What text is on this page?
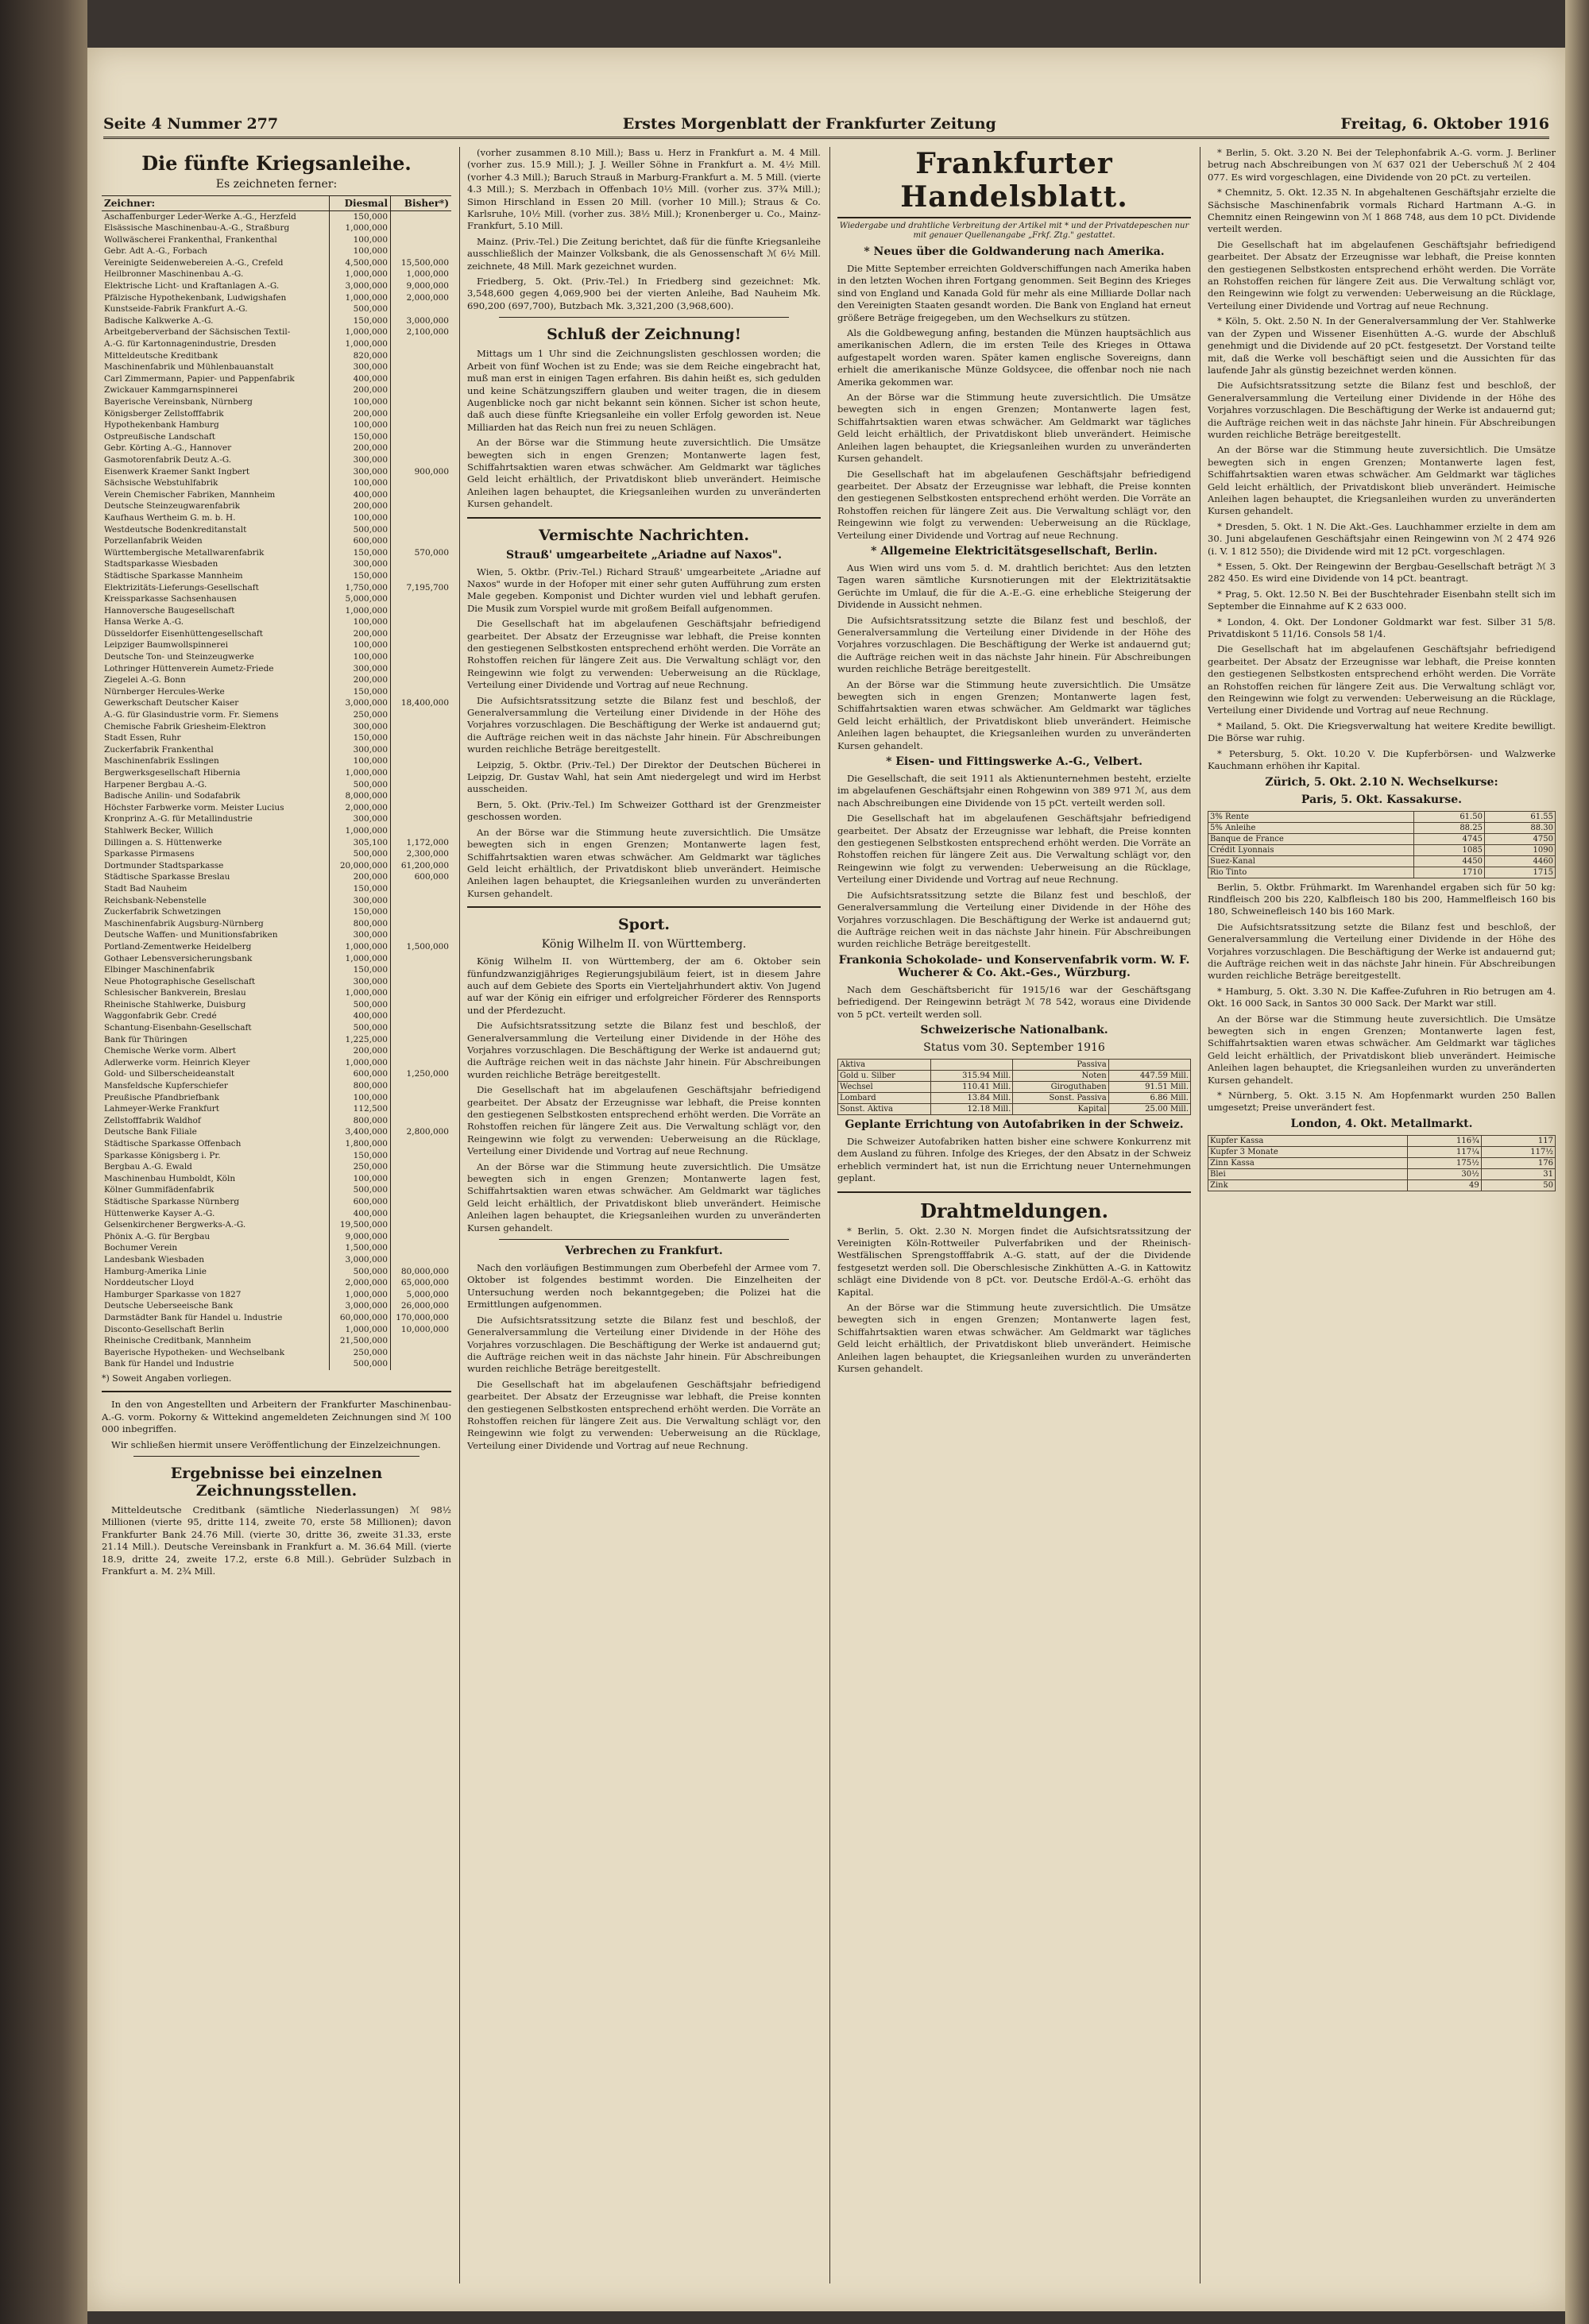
Seite 4 Nummer 277	Erstes Morgenblatt der Frankfurter Zeitung	Freitag, 6. Oktober 1916
Die fünfte Kriegsanleihe.
Es zeichneten ferner:
Zeichner:	Diesmal	Bisher*)
Aschaffenburger Leder-Werke A.-G., Herzfeld	150,000	
Elsässische Maschinenbau-A.-G., Straßburg	1,000,000	
Wollwäscherei Frankenthal, Frankenthal	100,000	
Gebr. Adt A.-G., Forbach	100,000	
Vereinigte Seidenwebereien A.-G., Crefeld	4,500,000	15,500,000
Heilbronner Maschinenbau A.-G.	1,000,000	1,000,000
Elektrische Licht- und Kraftanlagen A.-G.	3,000,000	9,000,000
Pfälzische Hypothekenbank, Ludwigshafen	1,000,000	2,000,000
Kunstseide-Fabrik Frankfurt A.-G.	500,000	
Badische Kalkwerke A.-G.	150,000	3,000,000
Arbeitgeberverband der Sächsischen Textil-	1,000,000	2,100,000
A.-G. für Kartonnagenindustrie, Dresden	1,000,000	
Mitteldeutsche Kreditbank	820,000	
Maschinenfabrik und Mühlenbauanstalt	300,000	
Carl Zimmermann, Papier- und Pappenfabrik	400,000	
Zwickauer Kammgarnspinnerei	200,000	
Bayerische Vereinsbank, Nürnberg	100,000	
Königsberger Zellstofffabrik	200,000	
Hypothekenbank Hamburg	100,000	
Ostpreußische Landschaft	150,000	
Gebr. Körting A.-G., Hannover	200,000	
Gasmotorenfabrik Deutz A.-G.	300,000	
Eisenwerk Kraemer Sankt Ingbert	300,000	900,000
Sächsische Webstuhlfabrik	100,000	
Verein Chemischer Fabriken, Mannheim	400,000	
Deutsche Steinzeugwarenfabrik	200,000	
Kaufhaus Wertheim G. m. b. H.	100,000	
Westdeutsche Bodenkreditanstalt	500,000	
Porzellanfabrik Weiden	600,000	
Württembergische Metallwarenfabrik	150,000	570,000
Stadtsparkasse Wiesbaden	300,000	
Städtische Sparkasse Mannheim	150,000	
Elektrizitäts-Lieferungs-Gesellschaft	1,750,000	7,195,700
Kreissparkasse Sachsenhausen	5,000,000	
Hannoversche Baugesellschaft	1,000,000	
Hansa Werke A.-G.	100,000	
Düsseldorfer Eisenhüttengesellschaft	200,000	
Leipziger Baumwollspinnerei	100,000	
Deutsche Ton- und Steinzeugwerke	100,000	
Lothringer Hüttenverein Aumetz-Friede	300,000	
Ziegelei A.-G. Bonn	200,000	
Nürnberger Hercules-Werke	150,000	
Gewerkschaft Deutscher Kaiser	3,000,000	18,400,000
A.-G. für Glasindustrie vorm. Fr. Siemens	250,000	
Chemische Fabrik Griesheim-Elektron	300,000	
Stadt Essen, Ruhr	150,000	
Zuckerfabrik Frankenthal	300,000	
Maschinenfabrik Esslingen	100,000	
Bergwerksgesellschaft Hibernia	1,000,000	
Harpener Bergbau A.-G.	500,000	
Badische Anilin- und Sodafabrik	8,000,000	
Höchster Farbwerke vorm. Meister Lucius	2,000,000	
Kronprinz A.-G. für Metallindustrie	300,000	
Stahlwerk Becker, Willich	1,000,000	
Dillingen a. S. Hüttenwerke	305,100	1,172,000
Sparkasse Pirmasens	500,000	2,300,000
Dortmunder Stadtsparkasse	20,000,000	61,200,000
Städtische Sparkasse Breslau	200,000	600,000
Stadt Bad Nauheim	150,000	
Reichsbank-Nebenstelle	300,000	
Zuckerfabrik Schwetzingen	150,000	
Maschinenfabrik Augsburg-Nürnberg	800,000	
Deutsche Waffen- und Munitionsfabriken	300,000	
Portland-Zementwerke Heidelberg	1,000,000	1,500,000
Gothaer Lebensversicherungsbank	1,000,000	
Elbinger Maschinenfabrik	150,000	
Neue Photographische Gesellschaft	300,000	
Schlesischer Bankverein, Breslau	1,000,000	
Rheinische Stahlwerke, Duisburg	500,000	
Waggonfabrik Gebr. Credé	400,000	
Schantung-Eisenbahn-Gesellschaft	500,000	
Bank für Thüringen	1,225,000	
Chemische Werke vorm. Albert	200,000	
Adlerwerke vorm. Heinrich Kleyer	1,000,000	
Gold- und Silberscheideanstalt	600,000	1,250,000
Mansfeldsche Kupferschiefer	800,000	
Preußische Pfandbriefbank	100,000	
Lahmeyer-Werke Frankfurt	112,500	
Zellstofffabrik Waldhof	800,000	
Deutsche Bank Filiale	3,400,000	2,800,000
Städtische Sparkasse Offenbach	1,800,000	
Sparkasse Königsberg i. Pr.	150,000	
Bergbau A.-G. Ewald	250,000	
Maschinenbau Humboldt, Köln	100,000	
Kölner Gummifädenfabrik	500,000	
Städtische Sparkasse Nürnberg	600,000	
Hüttenwerke Kayser A.-G.	400,000	
Gelsenkirchener Bergwerks-A.-G.	19,500,000	
Phönix A.-G. für Bergbau	9,000,000	
Bochumer Verein	1,500,000	
Landesbank Wiesbaden	3,000,000	
Hamburg-Amerika Linie	500,000	80,000,000
Norddeutscher Lloyd	2,000,000	65,000,000
Hamburger Sparkasse von 1827	1,000,000	5,000,000
Deutsche Ueberseeische Bank	3,000,000	26,000,000
Darmstädter Bank für Handel u. Industrie	60,000,000	170,000,000
Disconto-Gesellschaft Berlin	1,000,000	10,000,000
Rheinische Creditbank, Mannheim	21,500,000	
Bayerische Hypotheken- und Wechselbank	250,000	
Bank für Handel und Industrie	500,000	
*) Soweit Angaben vorliegen.

In den von Angestellten und Arbeitern der Frankfurter Maschinenbau-A.-G. vorm. Pokorny & Wittekind angemeldeten Zeichnungen sind ℳ 100 000 inbegriffen.

Wir schließen hiermit unsere Veröffentlichung der Einzelzeichnungen.

Ergebnisse bei einzelnen Zeichnungsstellen.

Mitteldeutsche Creditbank (sämtliche Niederlassungen) ℳ 98½ Millionen (vierte 95, dritte 114, zweite 70, erste 58 Millionen); davon Frankfurter Bank 24.76 Mill. (vierte 30, dritte 36, zweite 31.33, erste 21.14 Mill.). Deutsche Vereinsbank in Frankfurt a. M. 36.64 Mill. (vierte 18.9, dritte 24, zweite 17.2, erste 6.8 Mill.). Gebrüder Sulzbach in Frankfurt a. M. 2¾ Mill.

(vorher zusammen 8.10 Mill.); Bass u. Herz in Frankfurt a. M. 4 Mill. (vorher zus. 15.9 Mill.); J. J. Weiller Söhne in Frankfurt a. M. 4½ Mill. (vorher 4.3 Mill.); Baruch Strauß in Marburg-Frankfurt a. M. 5 Mill. (vierte 4.3 Mill.); S. Merzbach in Offenbach 10½ Mill. (vorher zus. 37¾ Mill.); Simon Hirschland in Essen 20 Mill. (vorher 10 Mill.); Straus & Co. Karlsruhe, 10½ Mill. (vorher zus. 38½ Mill.); Kronenberger u. Co., Mainz-Frankfurt, 5.10 Mill.

Mainz. (Priv.-Tel.) Die Zeitung berichtet, daß für die fünfte Kriegsanleihe ausschließlich der Mainzer Volksbank, die als Genossenschaft ℳ 6½ Mill. zeichnete, 48 Mill. Mark gezeichnet wurden.

Friedberg, 5. Okt. (Priv.-Tel.) In Friedberg sind gezeichnet: Mk. 3,548,600 gegen 4,069,900 bei der vierten Anleihe, Bad Nauheim Mk. 690,200 (697,700), Butzbach Mk. 3,321,200 (3,968,600).

Schluß der Zeichnung!

Mittags um 1 Uhr sind die Zeichnungslisten geschlossen worden; die Arbeit von fünf Wochen ist zu Ende; was sie dem Reiche eingebracht hat, muß man erst in einigen Tagen erfahren. Bis dahin heißt es, sich gedulden und keine Schätzungsziffern glauben und weiter tragen, die in diesem Augenblicke noch gar nicht bekannt sein können. Sicher ist schon heute, daß auch diese fünfte Kriegsanleihe ein voller Erfolg geworden ist. Neue Milliarden hat das Reich nun frei zu neuen Schlägen.

An der Börse war die Stimmung heute zuversichtlich. Die Umsätze bewegten sich in engen Grenzen; Montanwerte lagen fest, Schiffahrtsaktien waren etwas schwächer. Am Geldmarkt war tägliches Geld leicht erhältlich, der Privatdiskont blieb unverändert. Heimische Anleihen lagen behauptet, die Kriegsanleihen wurden zu unveränderten Kursen gehandelt.

Vermischte Nachrichten.
Strauß' umgearbeitete „Ariadne auf Naxos".

Wien, 5. Oktbr. (Priv.-Tel.) Richard Strauß' umgearbeitete „Ariadne auf Naxos" wurde in der Hofoper mit einer sehr guten Aufführung zum ersten Male gegeben. Komponist und Dichter wurden viel und lebhaft gerufen. Die Musik zum Vorspiel wurde mit großem Beifall aufgenommen.

Die Gesellschaft hat im abgelaufenen Geschäftsjahr befriedigend gearbeitet. Der Absatz der Erzeugnisse war lebhaft, die Preise konnten den gestiegenen Selbstkosten entsprechend erhöht werden. Die Vorräte an Rohstoffen reichen für längere Zeit aus. Die Verwaltung schlägt vor, den Reingewinn wie folgt zu verwenden: Ueberweisung an die Rücklage, Verteilung einer Dividende und Vortrag auf neue Rechnung.

Die Aufsichtsratssitzung setzte die Bilanz fest und beschloß, der Generalversammlung die Verteilung einer Dividende in der Höhe des Vorjahres vorzuschlagen. Die Beschäftigung der Werke ist andauernd gut; die Aufträge reichen weit in das nächste Jahr hinein. Für Abschreibungen wurden reichliche Beträge bereitgestellt.

Leipzig, 5. Oktbr. (Priv.-Tel.) Der Direktor der Deutschen Bücherei in Leipzig, Dr. Gustav Wahl, hat sein Amt niedergelegt und wird im Herbst ausscheiden.

Bern, 5. Okt. (Priv.-Tel.) Im Schweizer Gotthard ist der Grenzmeister geschossen worden.

An der Börse war die Stimmung heute zuversichtlich. Die Umsätze bewegten sich in engen Grenzen; Montanwerte lagen fest, Schiffahrtsaktien waren etwas schwächer. Am Geldmarkt war tägliches Geld leicht erhältlich, der Privatdiskont blieb unverändert. Heimische Anleihen lagen behauptet, die Kriegsanleihen wurden zu unveränderten Kursen gehandelt.

Sport.
König Wilhelm II. von Württemberg.

König Wilhelm II. von Württemberg, der am 6. Oktober sein fünfundzwanzigjähriges Regierungsjubiläum feiert, ist in diesem Jahre auch auf dem Gebiete des Sports ein Vierteljahrhundert aktiv. Von Jugend auf war der König ein eifriger und erfolgreicher Förderer des Rennsports und der Pferdezucht.

Die Aufsichtsratssitzung setzte die Bilanz fest und beschloß, der Generalversammlung die Verteilung einer Dividende in der Höhe des Vorjahres vorzuschlagen. Die Beschäftigung der Werke ist andauernd gut; die Aufträge reichen weit in das nächste Jahr hinein. Für Abschreibungen wurden reichliche Beträge bereitgestellt.

Die Gesellschaft hat im abgelaufenen Geschäftsjahr befriedigend gearbeitet. Der Absatz der Erzeugnisse war lebhaft, die Preise konnten den gestiegenen Selbstkosten entsprechend erhöht werden. Die Vorräte an Rohstoffen reichen für längere Zeit aus. Die Verwaltung schlägt vor, den Reingewinn wie folgt zu verwenden: Ueberweisung an die Rücklage, Verteilung einer Dividende und Vortrag auf neue Rechnung.

An der Börse war die Stimmung heute zuversichtlich. Die Umsätze bewegten sich in engen Grenzen; Montanwerte lagen fest, Schiffahrtsaktien waren etwas schwächer. Am Geldmarkt war tägliches Geld leicht erhältlich, der Privatdiskont blieb unverändert. Heimische Anleihen lagen behauptet, die Kriegsanleihen wurden zu unveränderten Kursen gehandelt.

Verbrechen zu Frankfurt.

Nach den vorläufigen Bestimmungen zum Oberbefehl der Armee vom 7. Oktober ist folgendes bestimmt worden. Die Einzelheiten der Untersuchung werden noch bekanntgegeben; die Polizei hat die Ermittlungen aufgenommen.

Die Aufsichtsratssitzung setzte die Bilanz fest und beschloß, der Generalversammlung die Verteilung einer Dividende in der Höhe des Vorjahres vorzuschlagen. Die Beschäftigung der Werke ist andauernd gut; die Aufträge reichen weit in das nächste Jahr hinein. Für Abschreibungen wurden reichliche Beträge bereitgestellt.

Die Gesellschaft hat im abgelaufenen Geschäftsjahr befriedigend gearbeitet. Der Absatz der Erzeugnisse war lebhaft, die Preise konnten den gestiegenen Selbstkosten entsprechend erhöht werden. Die Vorräte an Rohstoffen reichen für längere Zeit aus. Die Verwaltung schlägt vor, den Reingewinn wie folgt zu verwenden: Ueberweisung an die Rücklage, Verteilung einer Dividende und Vortrag auf neue Rechnung.

Frankfurter Handelsblatt.
Wiedergabe und drahtliche Verbreitung der Artikel mit * und der Privatdepeschen nur mit genauer Quellenangabe „Frkf. Ztg." gestattet.
* Neues über die Goldwanderung nach Amerika.

Die Mitte September erreichten Goldverschiffungen nach Amerika haben in den letzten Wochen ihren Fortgang genommen. Seit Beginn des Krieges sind von England und Kanada Gold für mehr als eine Milliarde Dollar nach den Vereinigten Staaten gesandt worden. Die Bank von England hat erneut größere Beträge freigegeben, um den Wechselkurs zu stützen.

Als die Goldbewegung anfing, bestanden die Münzen hauptsächlich aus amerikanischen Adlern, die im ersten Teile des Krieges in Ottawa aufgestapelt worden waren. Später kamen englische Sovereigns, dann erhielt die amerikanische Münze Goldsycee, die offenbar noch nie nach Amerika gekommen war.

An der Börse war die Stimmung heute zuversichtlich. Die Umsätze bewegten sich in engen Grenzen; Montanwerte lagen fest, Schiffahrtsaktien waren etwas schwächer. Am Geldmarkt war tägliches Geld leicht erhältlich, der Privatdiskont blieb unverändert. Heimische Anleihen lagen behauptet, die Kriegsanleihen wurden zu unveränderten Kursen gehandelt.

Die Gesellschaft hat im abgelaufenen Geschäftsjahr befriedigend gearbeitet. Der Absatz der Erzeugnisse war lebhaft, die Preise konnten den gestiegenen Selbstkosten entsprechend erhöht werden. Die Vorräte an Rohstoffen reichen für längere Zeit aus. Die Verwaltung schlägt vor, den Reingewinn wie folgt zu verwenden: Ueberweisung an die Rücklage, Verteilung einer Dividende und Vortrag auf neue Rechnung.

* Allgemeine Elektricitätsgesellschaft, Berlin.

Aus Wien wird uns vom 5. d. M. drahtlich berichtet: Aus den letzten Tagen waren sämtliche Kursnotierungen mit der Elektrizitätsaktie Gerüchte im Umlauf, die für die A.-E.-G. eine erhebliche Steigerung der Dividende in Aussicht nehmen.

Die Aufsichtsratssitzung setzte die Bilanz fest und beschloß, der Generalversammlung die Verteilung einer Dividende in der Höhe des Vorjahres vorzuschlagen. Die Beschäftigung der Werke ist andauernd gut; die Aufträge reichen weit in das nächste Jahr hinein. Für Abschreibungen wurden reichliche Beträge bereitgestellt.

An der Börse war die Stimmung heute zuversichtlich. Die Umsätze bewegten sich in engen Grenzen; Montanwerte lagen fest, Schiffahrtsaktien waren etwas schwächer. Am Geldmarkt war tägliches Geld leicht erhältlich, der Privatdiskont blieb unverändert. Heimische Anleihen lagen behauptet, die Kriegsanleihen wurden zu unveränderten Kursen gehandelt.

* Eisen- und Fittingswerke A.-G., Velbert.

Die Gesellschaft, die seit 1911 als Aktienunternehmen besteht, erzielte im abgelaufenen Geschäftsjahr einen Rohgewinn von 389 971 ℳ, aus dem nach Abschreibungen eine Dividende von 15 pCt. verteilt werden soll.

Die Gesellschaft hat im abgelaufenen Geschäftsjahr befriedigend gearbeitet. Der Absatz der Erzeugnisse war lebhaft, die Preise konnten den gestiegenen Selbstkosten entsprechend erhöht werden. Die Vorräte an Rohstoffen reichen für längere Zeit aus. Die Verwaltung schlägt vor, den Reingewinn wie folgt zu verwenden: Ueberweisung an die Rücklage, Verteilung einer Dividende und Vortrag auf neue Rechnung.

Die Aufsichtsratssitzung setzte die Bilanz fest und beschloß, der Generalversammlung die Verteilung einer Dividende in der Höhe des Vorjahres vorzuschlagen. Die Beschäftigung der Werke ist andauernd gut; die Aufträge reichen weit in das nächste Jahr hinein. Für Abschreibungen wurden reichliche Beträge bereitgestellt.

Frankonia Schokolade- und Konservenfabrik vorm. W. F. Wucherer & Co. Akt.-Ges., Würzburg.

Nach dem Geschäftsbericht für 1915/16 war der Geschäftsgang befriedigend. Der Reingewinn beträgt ℳ 78 542, woraus eine Dividende von 5 pCt. verteilt werden soll.

Schweizerische Nationalbank.
Status vom 30. September 1916
Aktiva		Passiva	
Gold u. Silber	315.94 Mill.	Noten	447.59 Mill.
Wechsel	110.41 Mill.	Giroguthaben	91.51 Mill.
Lombard	13.84 Mill.	Sonst. Passiva	6.86 Mill.
Sonst. Aktiva	12.18 Mill.	Kapital	25.00 Mill.
Geplante Errichtung von Autofabriken in der Schweiz.

Die Schweizer Autofabriken hatten bisher eine schwere Konkurrenz mit dem Ausland zu führen. Infolge des Krieges, der den Absatz in der Schweiz erheblich vermindert hat, ist nun die Errichtung neuer Unternehmungen geplant.

Drahtmeldungen.

* Berlin, 5. Okt. 2.30 N. Morgen findet die Aufsichtsratssitzung der Vereinigten Köln-Rottweiler Pulverfabriken und der Rheinisch-Westfälischen Sprengstofffabrik A.-G. statt, auf der die Dividende festgesetzt werden soll. Die Oberschlesische Zinkhütten A.-G. in Kattowitz schlägt eine Dividende von 8 pCt. vor. Deutsche Erdöl-A.-G. erhöht das Kapital.

An der Börse war die Stimmung heute zuversichtlich. Die Umsätze bewegten sich in engen Grenzen; Montanwerte lagen fest, Schiffahrtsaktien waren etwas schwächer. Am Geldmarkt war tägliches Geld leicht erhältlich, der Privatdiskont blieb unverändert. Heimische Anleihen lagen behauptet, die Kriegsanleihen wurden zu unveränderten Kursen gehandelt.

* Berlin, 5. Okt. 3.20 N. Bei der Telephonfabrik A.-G. vorm. J. Berliner betrug nach Abschreibungen von ℳ 637 021 der Ueberschuß ℳ 2 404 077. Es wird vorgeschlagen, eine Dividende von 20 pCt. zu verteilen.

* Chemnitz, 5. Okt. 12.35 N. In abgehaltenen Geschäftsjahr erzielte die Sächsische Maschinenfabrik vormals Richard Hartmann A.-G. in Chemnitz einen Reingewinn von ℳ 1 868 748, aus dem 10 pCt. Dividende verteilt werden.

Die Gesellschaft hat im abgelaufenen Geschäftsjahr befriedigend gearbeitet. Der Absatz der Erzeugnisse war lebhaft, die Preise konnten den gestiegenen Selbstkosten entsprechend erhöht werden. Die Vorräte an Rohstoffen reichen für längere Zeit aus. Die Verwaltung schlägt vor, den Reingewinn wie folgt zu verwenden: Ueberweisung an die Rücklage, Verteilung einer Dividende und Vortrag auf neue Rechnung.

* Köln, 5. Okt. 2.50 N. In der Generalversammlung der Ver. Stahlwerke van der Zypen und Wissener Eisenhütten A.-G. wurde der Abschluß genehmigt und die Dividende auf 20 pCt. festgesetzt. Der Vorstand teilte mit, daß die Werke voll beschäftigt seien und die Aussichten für das laufende Jahr als günstig bezeichnet werden können.

Die Aufsichtsratssitzung setzte die Bilanz fest und beschloß, der Generalversammlung die Verteilung einer Dividende in der Höhe des Vorjahres vorzuschlagen. Die Beschäftigung der Werke ist andauernd gut; die Aufträge reichen weit in das nächste Jahr hinein. Für Abschreibungen wurden reichliche Beträge bereitgestellt.

An der Börse war die Stimmung heute zuversichtlich. Die Umsätze bewegten sich in engen Grenzen; Montanwerte lagen fest, Schiffahrtsaktien waren etwas schwächer. Am Geldmarkt war tägliches Geld leicht erhältlich, der Privatdiskont blieb unverändert. Heimische Anleihen lagen behauptet, die Kriegsanleihen wurden zu unveränderten Kursen gehandelt.

* Dresden, 5. Okt. 1 N. Die Akt.-Ges. Lauchhammer erzielte in dem am 30. Juni abgelaufenen Geschäftsjahr einen Reingewinn von ℳ 2 474 926 (i. V. 1 812 550); die Dividende wird mit 12 pCt. vorgeschlagen.

* Essen, 5. Okt. Der Reingewinn der Bergbau-Gesellschaft beträgt ℳ 3 282 450. Es wird eine Dividende von 14 pCt. beantragt.

* Prag, 5. Okt. 12.50 N. Bei der Buschtehrader Eisenbahn stellt sich im September die Einnahme auf K 2 633 000.

* London, 4. Okt. Der Londoner Goldmarkt war fest. Silber 31 5/8. Privatdiskont 5 11/16. Consols 58 1/4.

Die Gesellschaft hat im abgelaufenen Geschäftsjahr befriedigend gearbeitet. Der Absatz der Erzeugnisse war lebhaft, die Preise konnten den gestiegenen Selbstkosten entsprechend erhöht werden. Die Vorräte an Rohstoffen reichen für längere Zeit aus. Die Verwaltung schlägt vor, den Reingewinn wie folgt zu verwenden: Ueberweisung an die Rücklage, Verteilung einer Dividende und Vortrag auf neue Rechnung.

* Mailand, 5. Okt. Die Kriegsverwaltung hat weitere Kredite bewilligt. Die Börse war ruhig.

* Petersburg, 5. Okt. 10.20 V. Die Kupferbörsen- und Walzwerke Kauchmann erhöhen ihr Kapital.

Zürich, 5. Okt. 2.10 N. Wechselkurse:
Paris, 5. Okt. Kassakurse.
3% Rente	61.50	61.55
5% Anleihe	88.25	88.30
Banque de France	4745	4750
Crédit Lyonnais	1085	1090
Suez-Kanal	4450	4460
Rio Tinto	1710	1715

Berlin, 5. Oktbr. Frühmarkt. Im Warenhandel ergaben sich für 50 kg: Rindfleisch 200 bis 220, Kalbfleisch 180 bis 200, Hammelfleisch 160 bis 180, Schweinefleisch 140 bis 160 Mark.

Die Aufsichtsratssitzung setzte die Bilanz fest und beschloß, der Generalversammlung die Verteilung einer Dividende in der Höhe des Vorjahres vorzuschlagen. Die Beschäftigung der Werke ist andauernd gut; die Aufträge reichen weit in das nächste Jahr hinein. Für Abschreibungen wurden reichliche Beträge bereitgestellt.

* Hamburg, 5. Okt. 3.30 N. Die Kaffee-Zufuhren in Rio betrugen am 4. Okt. 16 000 Sack, in Santos 30 000 Sack. Der Markt war still.

An der Börse war die Stimmung heute zuversichtlich. Die Umsätze bewegten sich in engen Grenzen; Montanwerte lagen fest, Schiffahrtsaktien waren etwas schwächer. Am Geldmarkt war tägliches Geld leicht erhältlich, der Privatdiskont blieb unverändert. Heimische Anleihen lagen behauptet, die Kriegsanleihen wurden zu unveränderten Kursen gehandelt.

* Nürnberg, 5. Okt. 3.15 N. Am Hopfenmarkt wurden 250 Ballen umgesetzt; Preise unverändert fest.

London, 4. Okt. Metallmarkt.
Kupfer Kassa	116¾	117
Kupfer 3 Monate	117¼	117½
Zinn Kassa	175½	176
Blei	30½	31
Zink	49	50
